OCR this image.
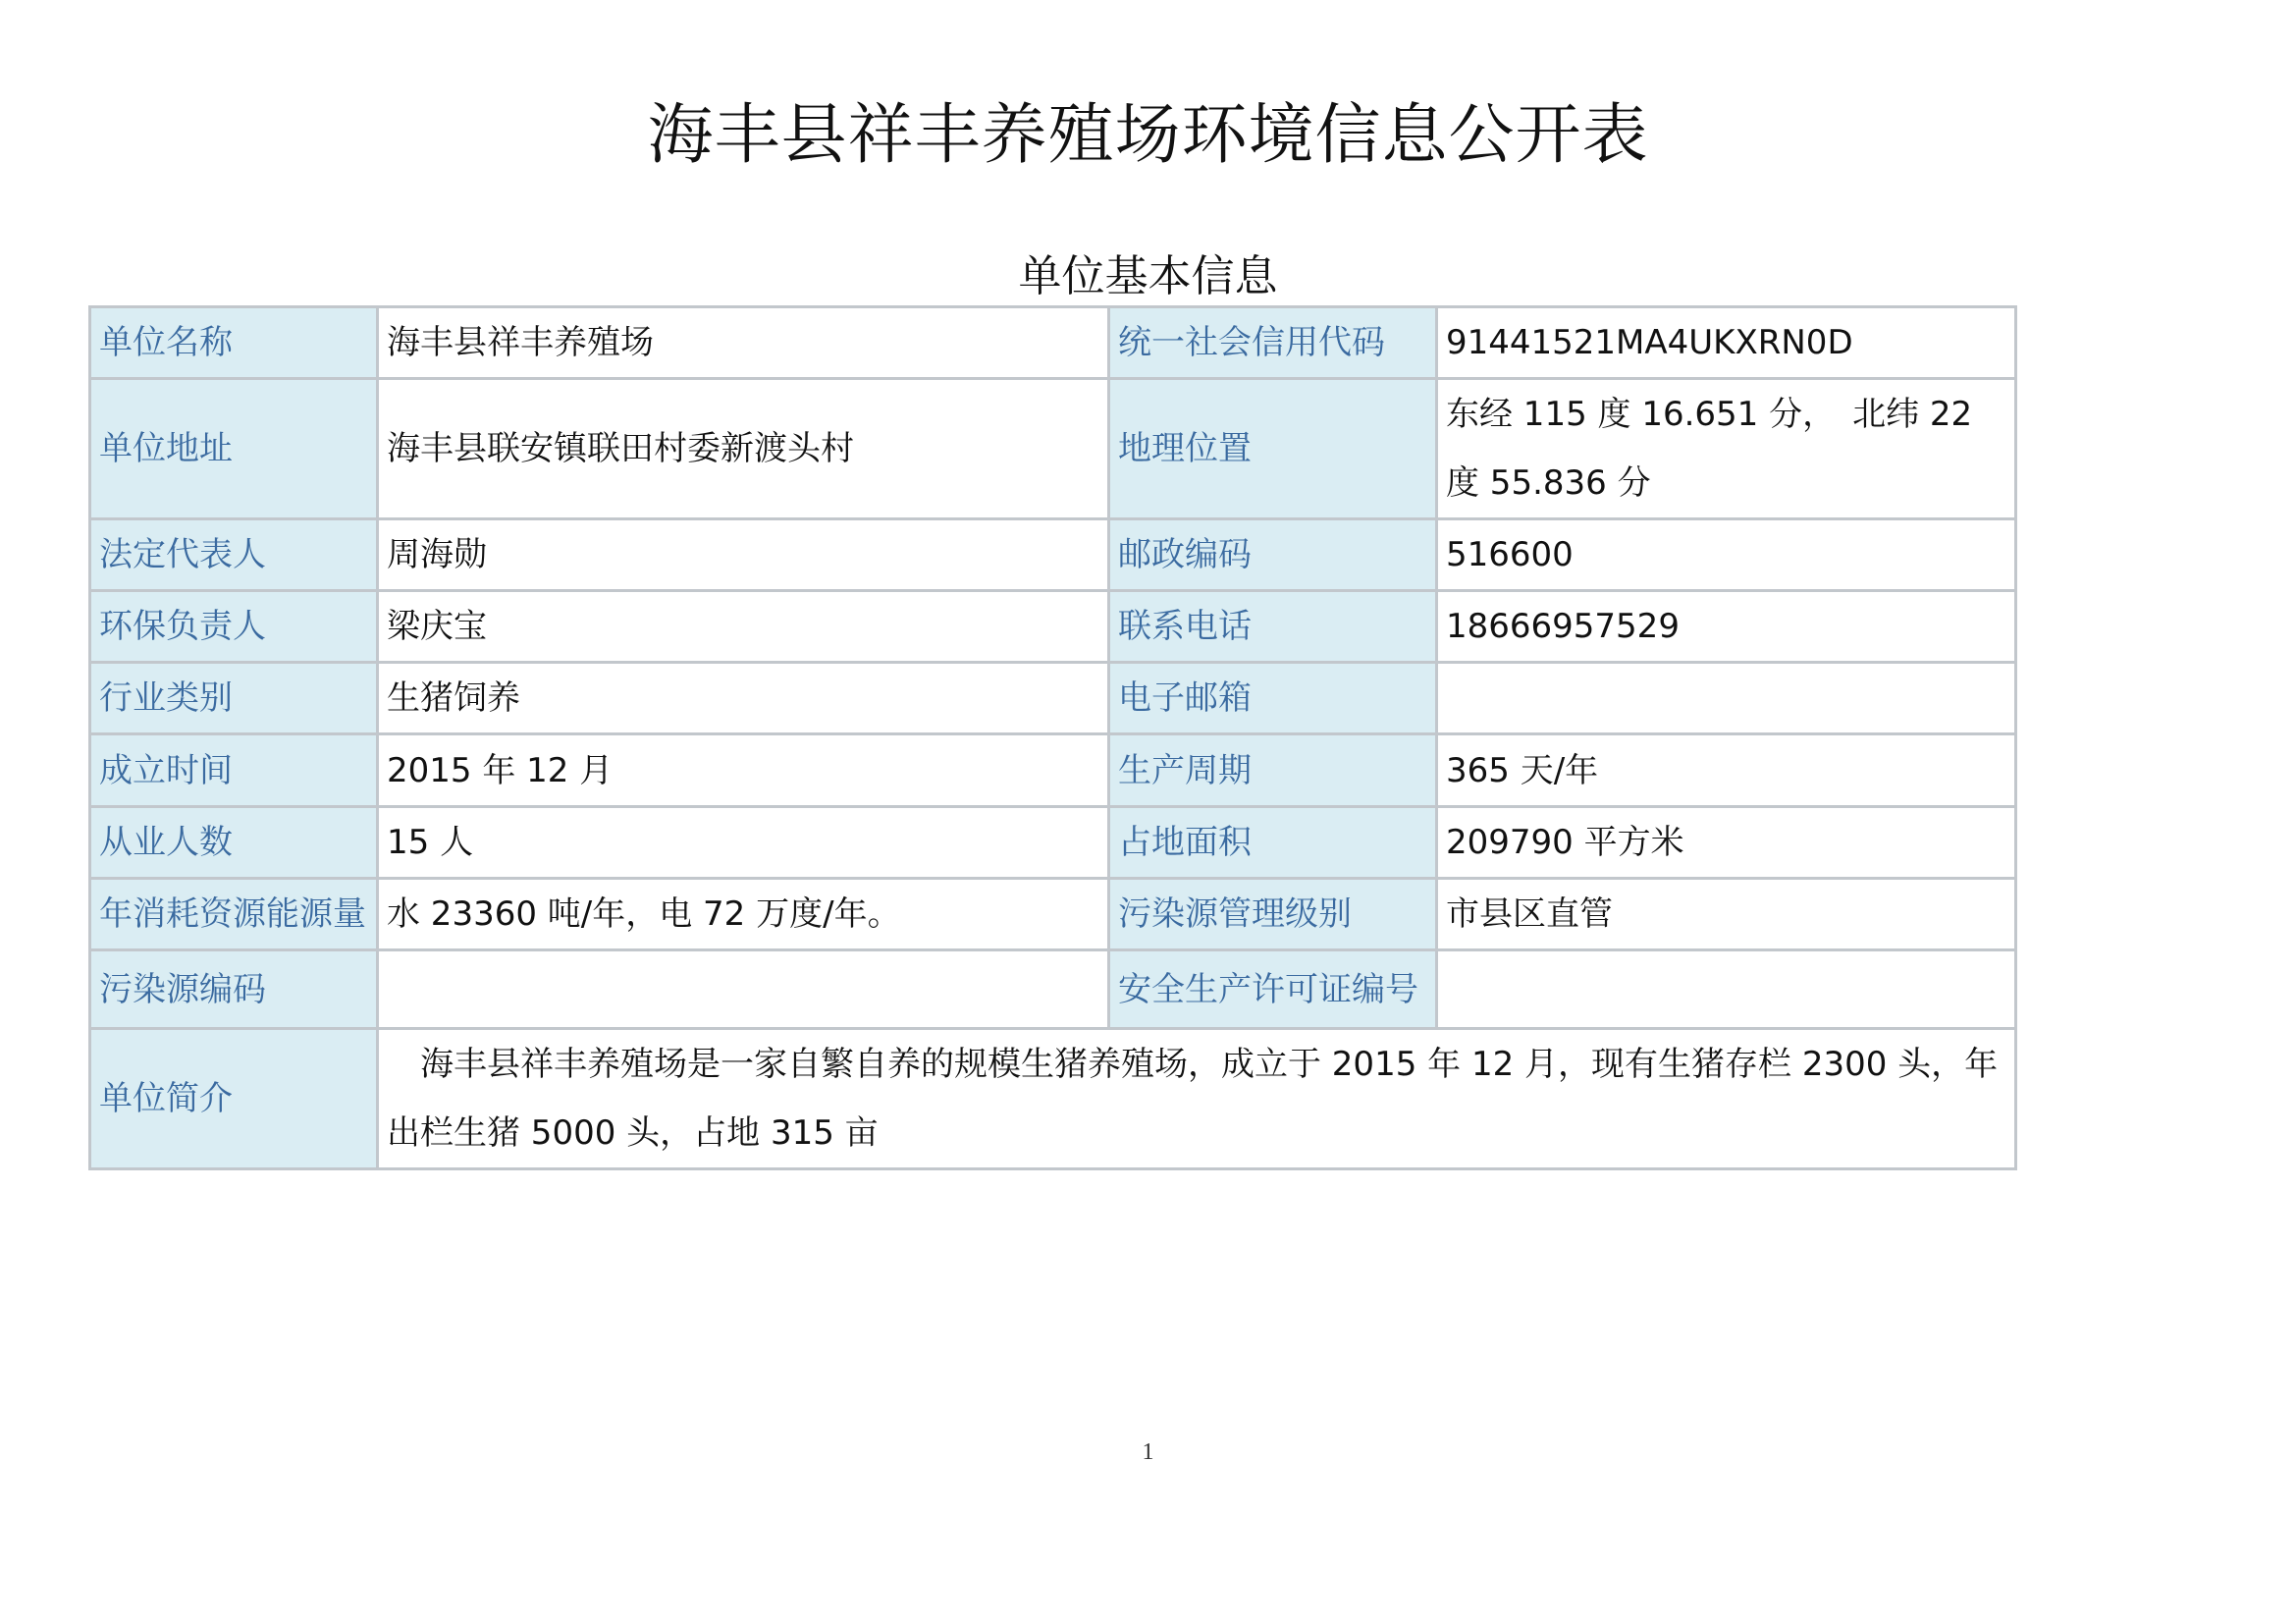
海丰县祥丰养殖场环境信息公开表
单位基本信息
单位名称	海丰县祥丰养殖场	统一社会信用代码	91441521MA4UKXRN0D
单位地址	海丰县联安镇联田村委新渡头村	地理位置	东经 115 度 16.651 分，　北纬 22 度 55.836 分
法定代表人	周海勋	邮政编码	516600
环保负责人	梁庆宝	联系电话	18666957529
行业类别	生猪饲养	电子邮箱	
成立时间	2015 年 12 月	生产周期	365 天/年
从业人数	15 人	占地面积	209790 平方米
年消耗资源能源量	水 23360 吨/年，电 72 万度/年。	污染源管理级别	市县区直管
污染源编码		安全生产许可证编号	
单位简介	海丰县祥丰养殖场是一家自繁自养的规模生猪养殖场，成立于 2015 年 12 月，现有生猪存栏 2300 头，年出栏生猪 5000 头，占地 315 亩		
1
